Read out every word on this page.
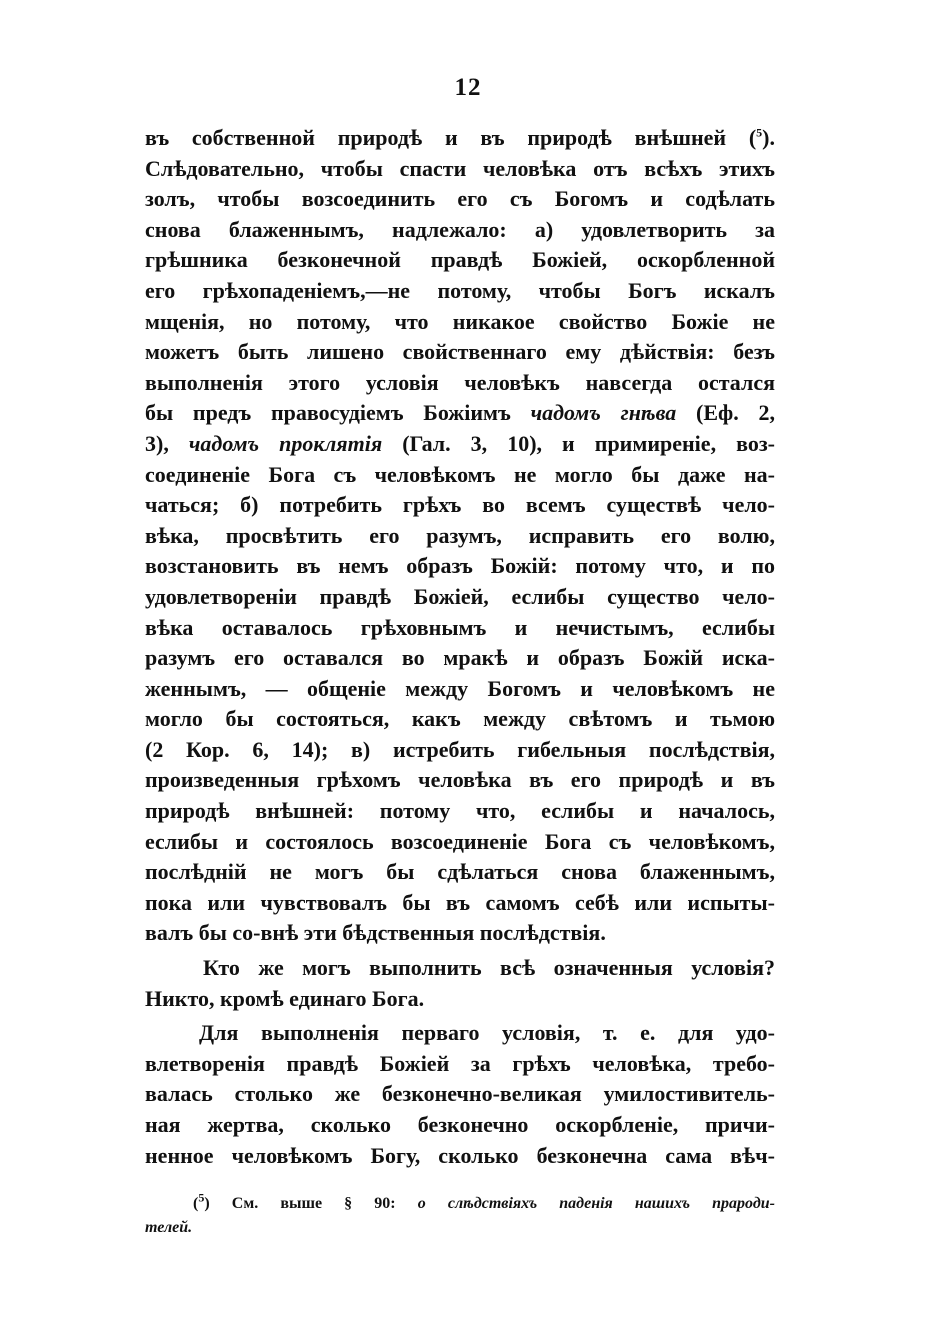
12
въ собственной природѣ и въ природѣ внѣшней ($^5$).
Слѣдовательно, чтобы спасти человѣка отъ всѣхъ этихъ
золъ, чтобы возсоединить его съ Богомъ и содѣлать
снова блаженнымъ, надлежало: а) удовлетворить за
грѣшника безконечной правдѣ Божіей, оскорбленной
его грѣхопаденіемъ,—не потому, чтобы Богъ искалъ
мщенія, но потому, что никакое свойство Божіе не
можетъ быть лишено свойственнаго ему дѣйствія: безъ
выполненія этого условія человѣкъ навсегда остался
бы предъ правосудіемъ Божіимъ чадомъ гнѣва (Еф. 2,
3), чадомъ проклятія (Гал. 3, 10), и примиреніе, воз-
соединеніе Бога съ человѣкомъ не могло бы даже на-
чаться; б) потребить грѣхъ во всемъ существѣ чело-
вѣка, просвѣтить его разумъ, исправить его волю,
возстановить въ немъ образъ Божій: потому что, и по
удовлетвореніи правдѣ Божіей, еслибы существо чело-
вѣка оставалось грѣховнымъ и нечистымъ, еслибы
разумъ его оставался во мракѣ и образъ Божій иска-
женнымъ, — общеніе между Богомъ и человѣкомъ не
могло бы состояться, какъ между свѣтомъ и тьмою
(2 Кор. 6, 14); в) истребить гибельныя послѣдствія,
произведенныя грѣхомъ человѣка въ его природѣ и въ
природѣ внѣшней: потому что, еслибы и началось,
еслибы и состоялось возсоединеніе Бога съ человѣкомъ,
послѣдній не могъ бы сдѣлаться снова блаженнымъ,
пока или чувствовалъ бы въ самомъ себѣ или испыты-
валъ бы со-внѣ эти бѣдственныя послѣдствія.
Кто же могъ выполнить всѣ означенныя условія?
Никто, кромѣ единаго Бога.
Для выполненія перваго условія, т. е. для удо-
влетворенія правдѣ Божіей за грѣхъ человѣка, требо-
валась столько же безконечно-великая умилостивитель-
ная жертва, сколько безконечно оскорбленіе, причи-
ненное человѣкомъ Богу, сколько безконечна сама вѣч-
($^5$) См. выше § 90: о слѣдствіяхъ паденія нашихъ прароди-
телей.
